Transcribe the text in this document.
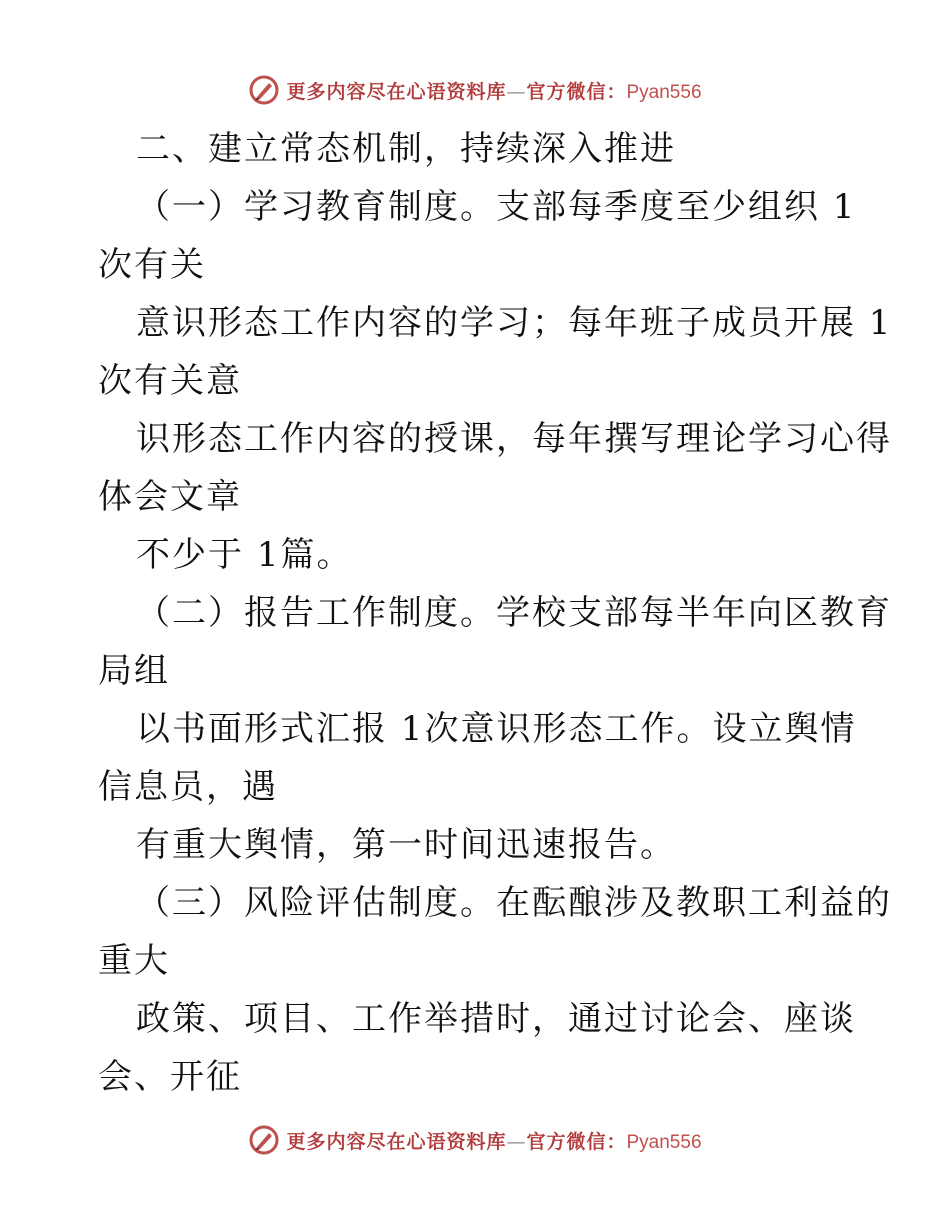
更多内容尽在心语资料库—官方微信：Pyan556
二、建立常态机制，持续深入推进
（一）学习教育制度。支部每季度至少组织 1
次有关
意识形态工作内容的学习；每年班子成员开展 1
次有关意
识形态工作内容的授课，每年撰写理论学习心得
体会文章
不少于 1篇。
（二）报告工作制度。学校支部每半年向区教育
局组
以书面形式汇报 1次意识形态工作。设立舆情
信息员，遇
有重大舆情，第一时间迅速报告。
（三）风险评估制度。在酝酿涉及教职工利益的
重大
政策、项目、工作举措时，通过讨论会、座谈
会、开征
更多内容尽在心语资料库—官方微信：Pyan556
